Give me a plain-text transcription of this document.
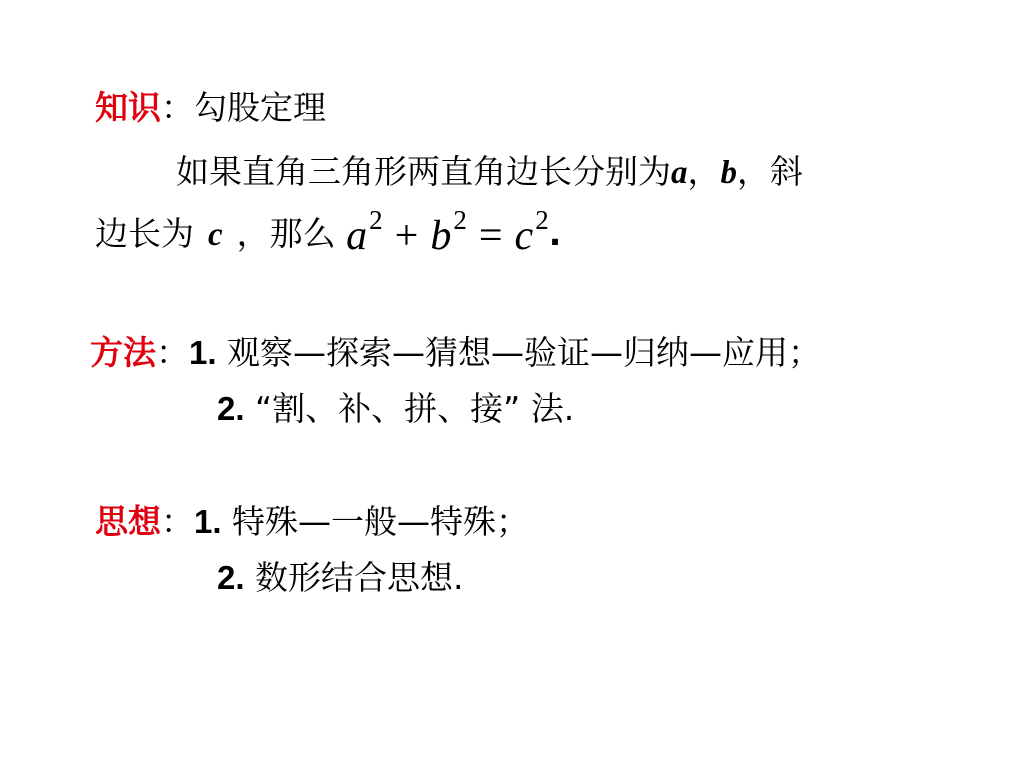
知识：勾股定理
如果直角三角形两直角边长分别为a，b，斜
边长为 c ，那么 $a^2 + b^2 = c^2$.
方法：1. 观察—探索—猜想—验证—归纳—应用；
2. “割、补、拼、接” 法.
思想：1. 特殊—一般—特殊；
2. 数形结合思想.
